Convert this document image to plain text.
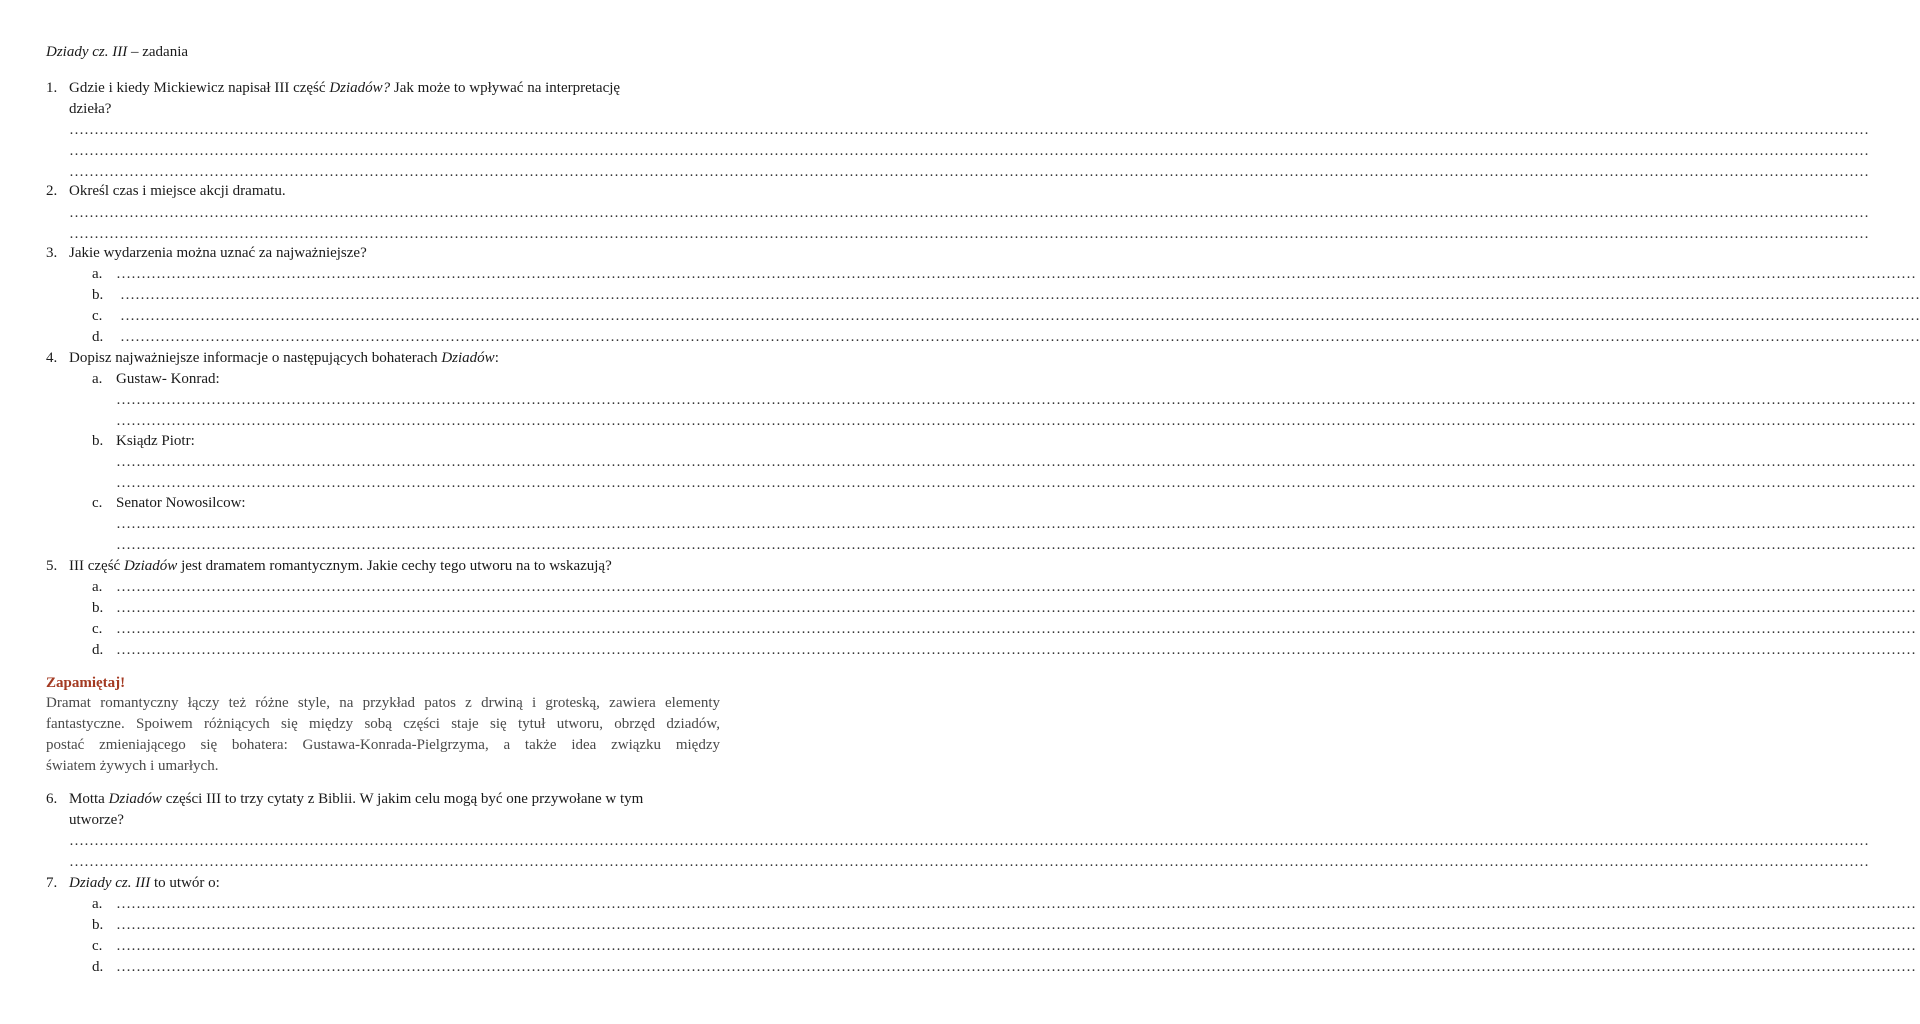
Dziady cz. III – zadania
1. Gdzie i kiedy Mickiewicz napisał III część Dziadów? Jak może to wpływać na interpretację
dzieła?
………………………………………………………………………………………………………………………………………………………………………………………………………………………………………………………………………………………………………………………………
………………………………………………………………………………………………………………………………………………………………………………………………………………………………………………………………………………………………………………………………
………………………………………………………………………………………………………………………………………………………………………………………………………………………………………………………………………………………………………………………………
2. Określ czas i miejsce akcji dramatu.
………………………………………………………………………………………………………………………………………………………………………………………………………………………………………………………………………………………………………………………………
………………………………………………………………………………………………………………………………………………………………………………………………………………………………………………………………………………………………………………………………
3. Jakie wydarzenia można uznać za najważniejsze?
a. ………………………………………………………………………………………………………………………………………………………………………………………………………………………………………………………………………………………………………………………………
b. ………………………………………………………………………………………………………………………………………………………………………………………………………………………………………………………………………………………………………………………………
c. ………………………………………………………………………………………………………………………………………………………………………………………………………………………………………………………………………………………………………………………………
d. ………………………………………………………………………………………………………………………………………………………………………………………………………………………………………………………………………………………………………………………………
4. Dopisz najważniejsze informacje o następujących bohaterach Dziadów:
a. Gustaw- Konrad:
………………………………………………………………………………………………………………………………………………………………………………………………………………………………………………………………………………………………………………………………
………………………………………………………………………………………………………………………………………………………………………………………………………………………………………………………………………………………………………………………………
b. Ksiądz Piotr:
………………………………………………………………………………………………………………………………………………………………………………………………………………………………………………………………………………………………………………………………
………………………………………………………………………………………………………………………………………………………………………………………………………………………………………………………………………………………………………………………………
c. Senator Nowosilcow:
………………………………………………………………………………………………………………………………………………………………………………………………………………………………………………………………………………………………………………………………
………………………………………………………………………………………………………………………………………………………………………………………………………………………………………………………………………………………………………………………………
5. III część Dziadów jest dramatem romantycznym. Jakie cechy tego utworu na to wskazują?
a. ………………………………………………………………………………………………………………………………………………………………………………………………………………………………………………………………………………………………………………………………
b. ………………………………………………………………………………………………………………………………………………………………………………………………………………………………………………………………………………………………………………………………
c. ………………………………………………………………………………………………………………………………………………………………………………………………………………………………………………………………………………………………………………………………
d. ………………………………………………………………………………………………………………………………………………………………………………………………………………………………………………………………………………………………………………………………
Zapamiętaj!
Dramat romantyczny łączy też różne style, na przykład patos z drwiną i groteską, zawiera elementy
fantastyczne. Spoiwem różniących się między sobą części staje się tytuł utworu, obrzęd dziadów,
postać zmieniającego się bohatera: Gustawa-Konrada-Pielgrzyma, a także idea związku między
światem żywych i umarłych.
6. Motta Dziadów części III to trzy cytaty z Biblii. W jakim celu mogą być one przywołane w tym
utworze?
………………………………………………………………………………………………………………………………………………………………………………………………………………………………………………………………………………………………………………………………
………………………………………………………………………………………………………………………………………………………………………………………………………………………………………………………………………………………………………………………………
7. Dziady cz. III to utwór o:
a. ………………………………………………………………………………………………………………………………………………………………………………………………………………………………………………………………………………………………………………………………
b. ………………………………………………………………………………………………………………………………………………………………………………………………………………………………………………………………………………………………………………………………
c. ………………………………………………………………………………………………………………………………………………………………………………………………………………………………………………………………………………………………………………………………
d. ………………………………………………………………………………………………………………………………………………………………………………………………………………………………………………………………………………………………………………………………
